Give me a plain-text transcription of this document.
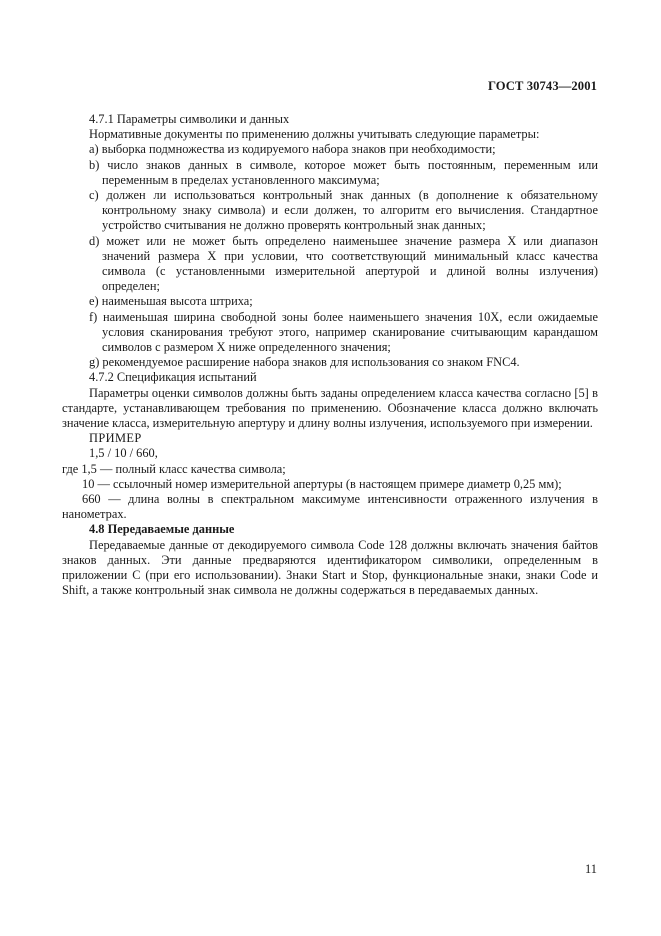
ГОСТ 30743—2001

4.7.1 Параметры символики и данных

Нормативные документы по применению должны учитывать следующие параметры:

а) выборка подмножества из кодируемого набора знаков при необходимости;

b) число знаков данных в символе, которое может быть постоянным, переменным или переменным в пределах установленного максимума;

с) должен ли использоваться контрольный знак данных (в дополнение к обязательному контрольному знаку символа) и если должен, то алгоритм его вычисления. Стандартное устройство считывания не должно проверять контрольный знак данных;

d) может или не может быть определено наименьшее значение размера X или диапазон значений размера X при условии, что соответствующий минимальный класс качества символа (с установленными измерительной апертурой и длиной волны излучения) определен;

е) наименьшая высота штриха;

f) наименьшая ширина свободной зоны более наименьшего значения 10X, если ожидаемые условия сканирования требуют этого, например сканирование считывающим карандашом символов с размером X ниже определенного значения;

g) рекомендуемое расширение набора знаков для использования со знаком FNC4.

4.7.2 Спецификация испытаний

Параметры оценки символов должны быть заданы определением класса качества согласно [5] в стандарте, устанавливающем требования по применению. Обозначение класса должно включать значение класса, измерительную апертуру и длину волны излучения, используемого при измерении.

ПРИМЕР

1,5 / 10 / 660,

где 1,5 — полный класс качества символа;

10 — ссылочный номер измерительной апертуры (в настоящем примере диаметр 0,25 мм);

660 — длина волны в спектральном максимуме интенсивности отраженного излучения в нанометрах.

4.8 Передаваемые данные

Передаваемые данные от декодируемого символа Code 128 должны включать значения байтов знаков данных. Эти данные предваряются идентификатором символики, определенным в приложении С (при его использовании). Знаки Start и Stop, функциональные знаки, знаки Code и Shift, а также контрольный знак символа не должны содержаться в передаваемых данных.

11
